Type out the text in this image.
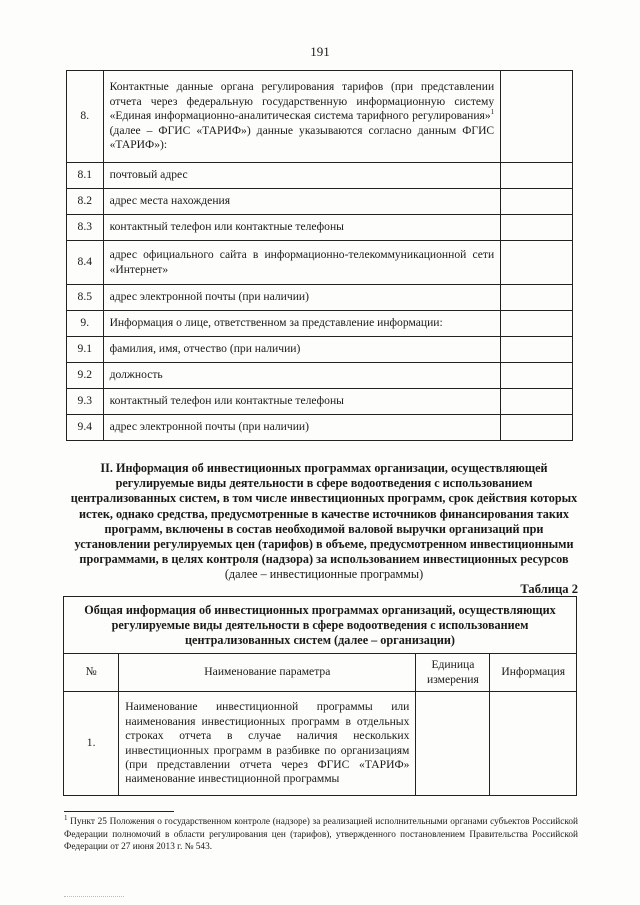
191
8.	Контактные данные органа регулирования тарифов (при представлении отчета через федеральную государственную информационную систему «Единая информационно-аналитическая система тарифного регулирования»$^1$ (далее – ФГИС «ТАРИФ») данные указываются согласно данным ФГИС «ТАРИФ»):	
8.1	почтовый адрес	
8.2	адрес места нахождения	
8.3	контактный телефон или контактные телефоны	
8.4	адрес официального сайта в информационно-телекоммуникационной сети «Интернет»	
8.5	адрес электронной почты (при наличии)	
9.	Информация о лице, ответственном за представление информации:	
9.1	фамилия, имя, отчество (при наличии)	
9.2	должность	
9.3	контактный телефон или контактные телефоны	
9.4	адрес электронной почты (при наличии)	

II. Информация об инвестиционных программах организации, осуществляющей регулируемые виды деятельности в сфере водоотведения с использованием централизованных систем, в том числе инвестиционных программ, срок действия которых истек, однако средства, предусмотренные в качестве источников финансирования таких программ, включены в состав необходимой валовой выручки организаций при установлении регулируемых цен (тарифов) в объеме, предусмотренном инвестиционными программами, в целях контроля (надзора) за использованием инвестиционных ресурсов (далее – инвестиционные программы)

Таблица 2
Общая информация об инвестиционных программах организаций, осуществляющих регулируемые виды деятельности в сфере водоотведения с использованием централизованных систем (далее – организации)			
№	Наименование параметра	Единица измерения	Информация
1.	Наименование инвестиционной программы или наименования инвестиционных программ в отдельных строках отчета в случае наличия нескольких инвестиционных программ в разбивке по организациям (при представлении отчета через ФГИС «ТАРИФ» наименование инвестиционной программы		
$^1$ Пункт 25 Положения о государственном контроле (надзоре) за реализацией исполнительными органами субъектов Российской Федерации полномочий в области регулирования цен (тарифов), утвержденного постановлением Правительства Российской Федерации от 27 июня 2013 г. № 543.
